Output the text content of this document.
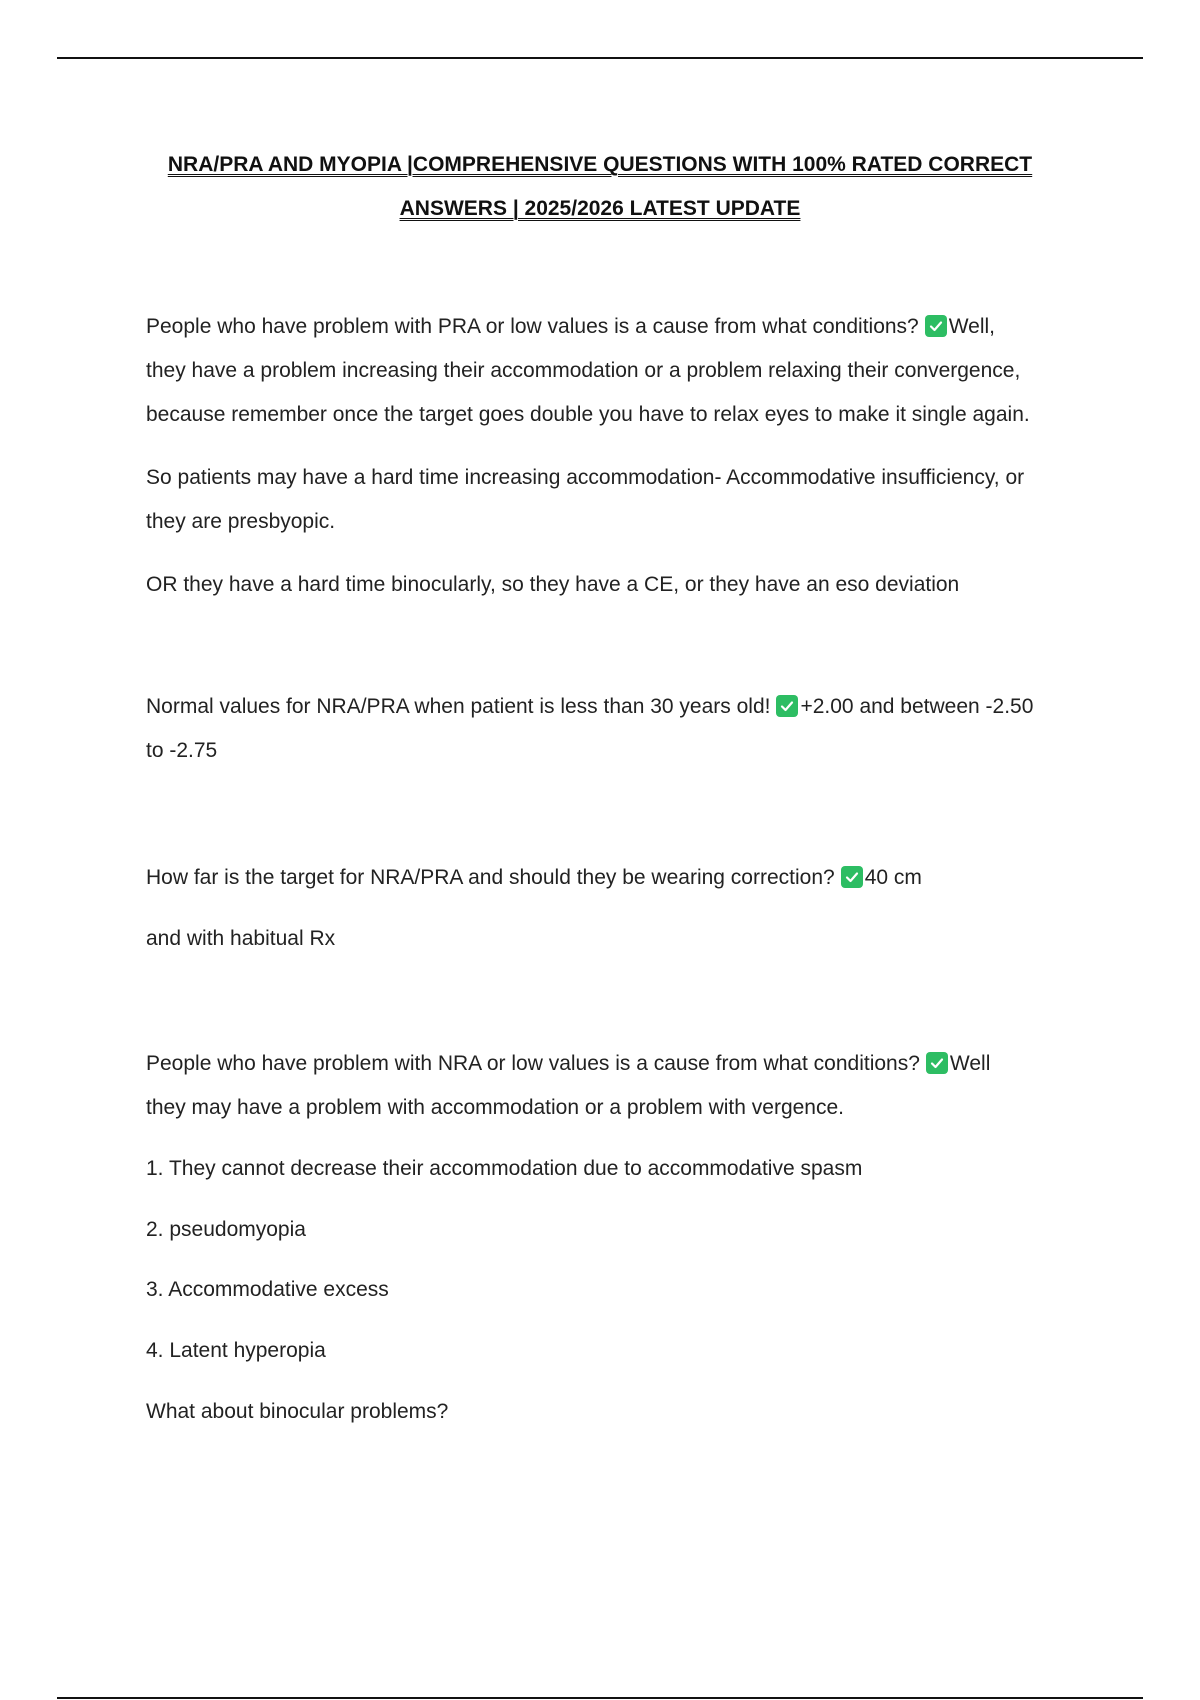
NRA/PRA AND MYOPIA |COMPREHENSIVE QUESTIONS WITH 100% RATED CORRECT
ANSWERS | 2025/2026 LATEST UPDATE

People who have problem with PRA or low values is a cause from what conditions? Well,
they have a problem increasing their accommodation or a problem relaxing their convergence,
because remember once the target goes double you have to relax eyes to make it single again.

So patients may have a hard time increasing accommodation- Accommodative insufficiency, or
they are presbyopic.

OR they have a hard time binocularly, so they have a CE, or they have an eso deviation

Normal values for NRA/PRA when patient is less than 30 years old! +2.00 and between -2.50
to -2.75

How far is the target for NRA/PRA and should they be wearing correction? 40 cm

and with habitual Rx

People who have problem with NRA or low values is a cause from what conditions? Well
they may have a problem with accommodation or a problem with vergence.

1. They cannot decrease their accommodation due to accommodative spasm

2. pseudomyopia

3. Accommodative excess

4. Latent hyperopia

What about binocular problems?
